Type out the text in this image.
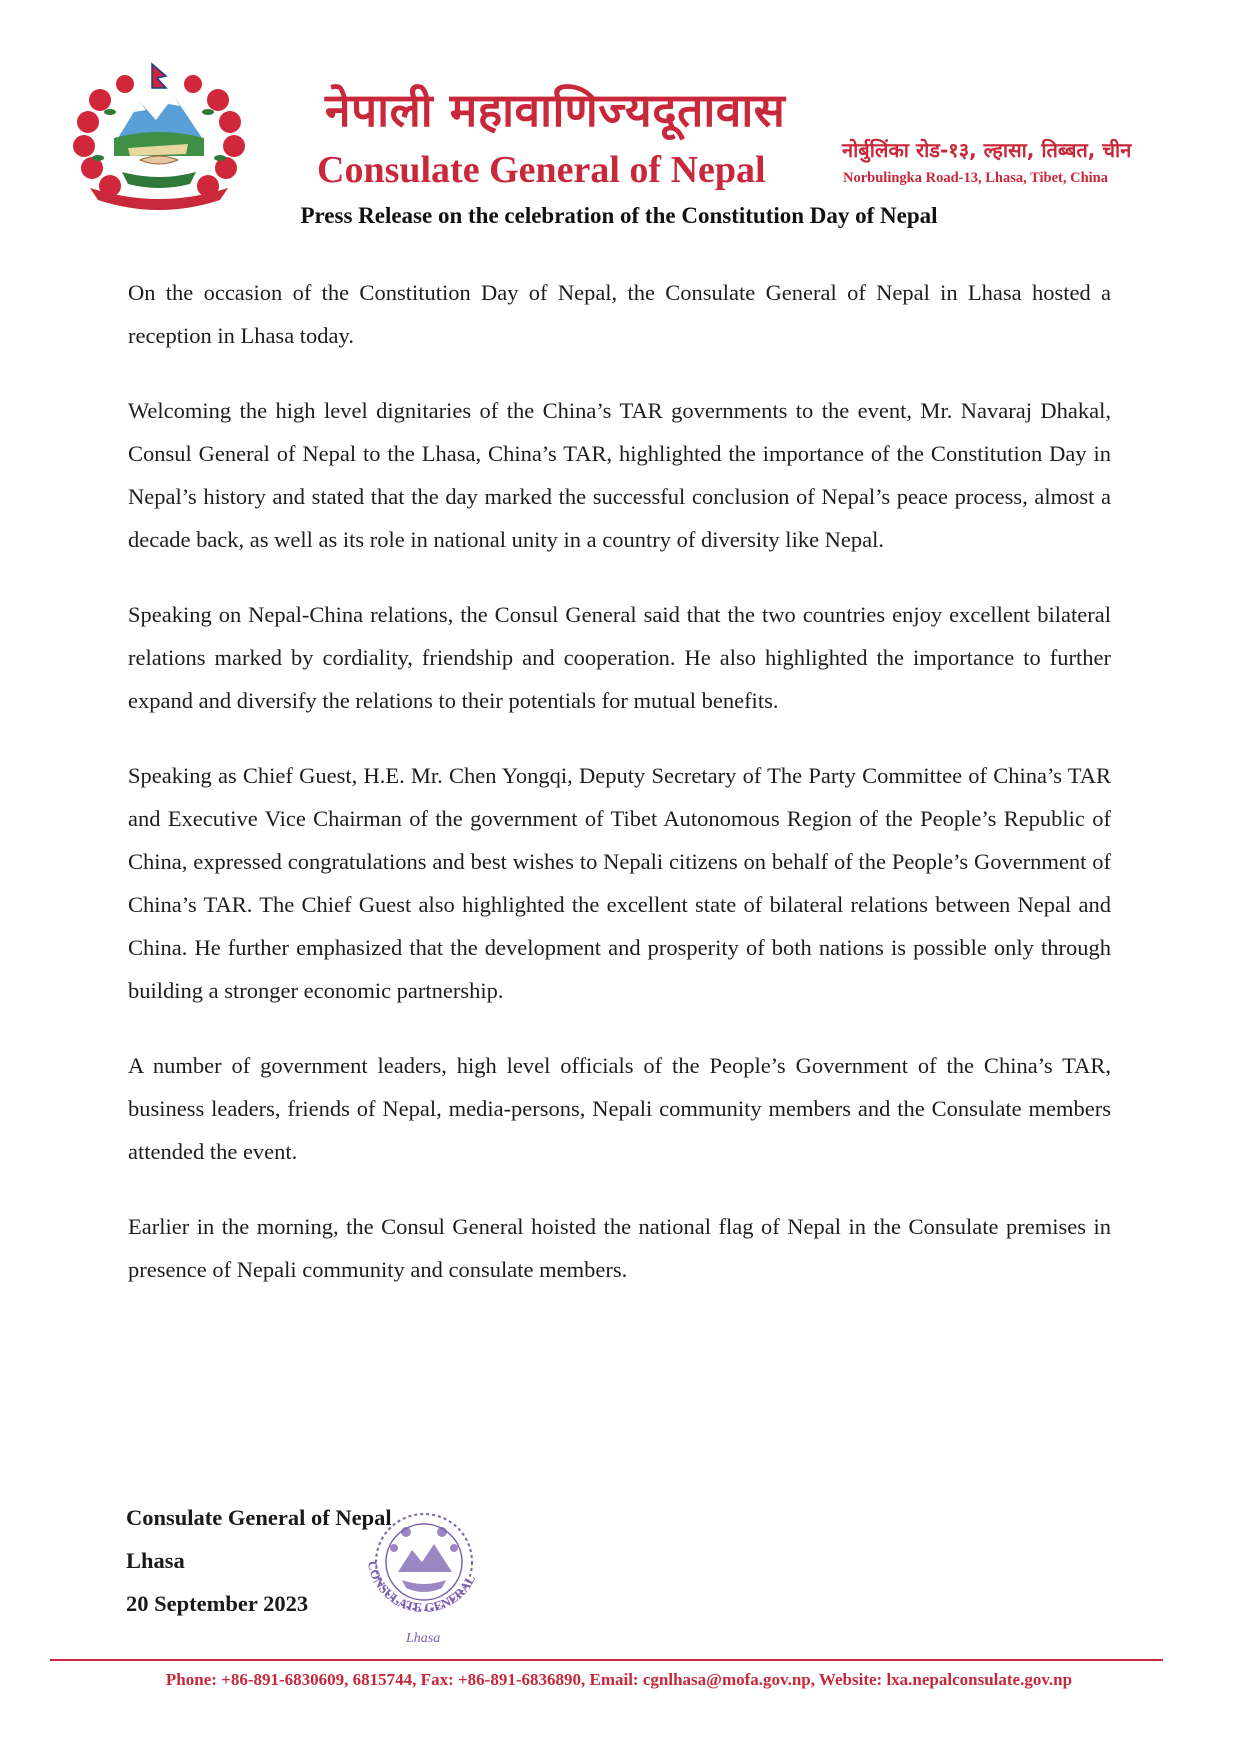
नेपाली महावाणिज्यदूतावास
Consulate General of Nepal	नोर्बुलिंका रोड-१३, ल्हासा, तिब्बत, चीन
Norbulingka Road-13, Lhasa, Tibet, China
Press Release on the celebration of the Constitution Day of Nepal

On the occasion of the Constitution Day of Nepal, the Consulate General of Nepal in Lhasa hosted a reception in Lhasa today.

Welcoming the high level dignitaries of the China’s TAR governments to the event, Mr. Navaraj Dhakal, Consul General of Nepal to the Lhasa, China’s TAR, highlighted the importance of the Constitution Day in Nepal’s history and stated that the day marked the successful conclusion of Nepal’s peace process, almost a decade back, as well as its role in national unity in a country of diversity like Nepal.

Speaking on Nepal-China relations, the Consul General said that the two countries enjoy excellent bilateral relations marked by cordiality, friendship and cooperation. He also highlighted the importance to further expand and diversify the relations to their potentials for mutual benefits.

Speaking as Chief Guest, H.E. Mr. Chen Yongqi, Deputy Secretary of The Party Committee of China’s TAR and Executive Vice Chairman of the government of Tibet Autonomous Region of the People’s Republic of China, expressed congratulations and best wishes to Nepali citizens on behalf of the People’s Government of China’s TAR. The Chief Guest also highlighted the excellent state of bilateral relations between Nepal and China. He further emphasized that the development and prosperity of both nations is possible only through building a stronger economic partnership.

A number of government leaders, high level officials of the People’s Government of the China’s TAR, business leaders, friends of Nepal, media-persons, Nepali community members and the Consulate members attended the event.

Earlier in the morning, the Consul General hoisted the national flag of Nepal in the Consulate premises in presence of Nepali community and consulate members.

Consulate General of Nepal
Lhasa
20 September 2023
CONSULATE GENERAL
Lhasa
Phone: +86-891-6830609, 6815744, Fax: +86-891-6836890, Email: cgnlhasa@mofa.gov.np, Website: lxa.nepalconsulate.gov.np
